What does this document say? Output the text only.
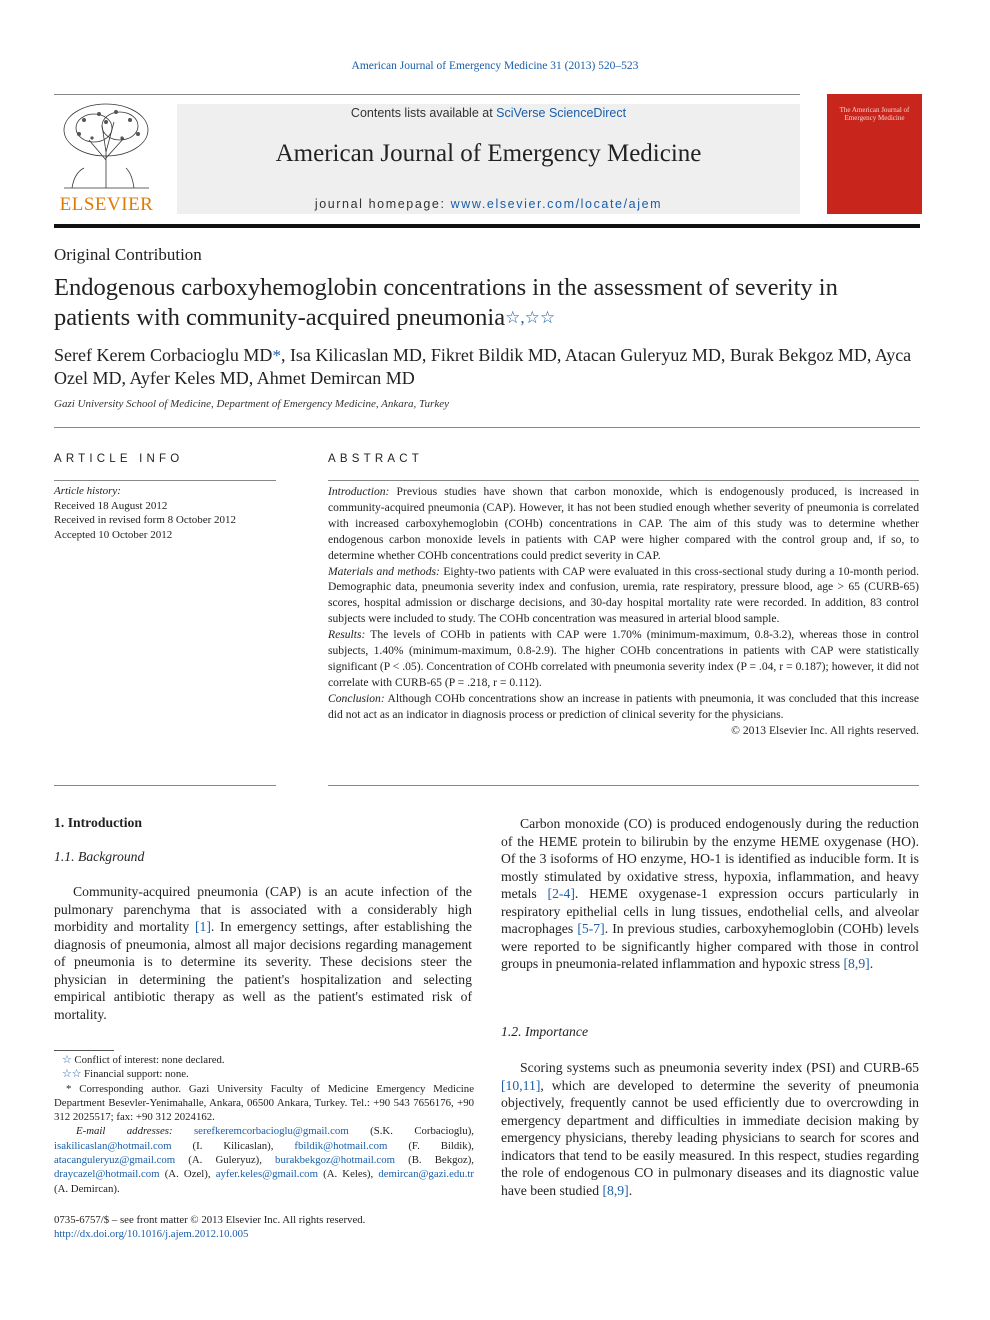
American Journal of Emergency Medicine 31 (2013) 520–523
ELSEVIER
Contents lists available at SciVerse ScienceDirect
American Journal of Emergency Medicine
journal homepage: www.elsevier.com/locate/ajem
The American Journal of Emergency Medicine
Original Contribution
Endogenous carboxyhemoglobin concentrations in the assessment of severity in patients with community-acquired pneumonia☆,☆☆
Seref Kerem Corbacioglu MD*, Isa Kilicaslan MD, Fikret Bildik MD, Atacan Guleryuz MD, Burak Bekgoz MD, Ayca Ozel MD, Ayfer Keles MD, Ahmet Demircan MD
Gazi University School of Medicine, Department of Emergency Medicine, Ankara, Turkey
ARTICLE INFO
Article history:
Received 18 August 2012
Received in revised form 8 October 2012
Accepted 10 October 2012
ABSTRACT

Introduction: Previous studies have shown that carbon monoxide, which is endogenously produced, is increased in community-acquired pneumonia (CAP). However, it has not been studied enough whether severity of pneumonia is correlated with increased carboxyhemoglobin (COHb) concentrations in CAP. The aim of this study was to determine whether endogenous carbon monoxide levels in patients with CAP were higher compared with the control group and, if so, to determine whether COHb concentrations could predict severity in CAP.

Materials and methods: Eighty-two patients with CAP were evaluated in this cross-sectional study during a 10-month period. Demographic data, pneumonia severity index and confusion, uremia, rate respiratory, pressure blood, age > 65 (CURB-65) scores, hospital admission or discharge decisions, and 30-day hospital mortality rate were recorded. In addition, 83 control subjects were included to study. The COHb concentration was measured in arterial blood sample.

Results: The levels of COHb in patients with CAP were 1.70% (minimum-maximum, 0.8-3.2), whereas those in control subjects, 1.40% (minimum-maximum, 0.8-2.9). The higher COHb concentrations in patients with CAP were statistically significant (P < .05). Concentration of COHb correlated with pneumonia severity index (P = .04, r = 0.187); however, it did not correlate with CURB-65 (P = .218, r = 0.112).

Conclusion: Although COHb concentrations show an increase in patients with pneumonia, it was concluded that this increase did not act as an indicator in diagnosis process or prediction of clinical severity for the physicians.

© 2013 Elsevier Inc. All rights reserved.

1. Introduction
1.1. Background

Community-acquired pneumonia (CAP) is an acute infection of the pulmonary parenchyma that is associated with a considerably high morbidity and mortality [1]. In emergency settings, after establishing the diagnosis of pneumonia, almost all major decisions regarding management of pneumonia is to determine its severity. These decisions steer the physician in determining the patient's hospitalization and selecting empirical antibiotic therapy as well as the patient's estimated risk of mortality.

☆ Conflict of interest: none declared.

☆☆ Financial support: none.

* Corresponding author. Gazi University Faculty of Medicine Emergency Medicine Department Besevler-Yenimahalle, Ankara, 06500 Ankara, Turkey. Tel.: +90 543 7656176, +90 312 2025517; fax: +90 312 2024162.

E-mail addresses: serefkeremcorbacioglu@gmail.com (S.K. Corbacioglu), isakilicaslan@hotmail.com (I. Kilicaslan), fbildik@hotmail.com (F. Bildik), atacanguleryuz@gmail.com (A. Guleryuz), burakbekgoz@hotmail.com (B. Bekgoz), draycazel@hotmail.com (A. Ozel), ayfer.keles@gmail.com (A. Keles), demircan@gazi.edu.tr (A. Demircan).

0735-6757/$ – see front matter © 2013 Elsevier Inc. All rights reserved.
http://dx.doi.org/10.1016/j.ajem.2012.10.005

Carbon monoxide (CO) is produced endogenously during the reduction of the HEME protein to bilirubin by the enzyme HEME oxygenase (HO). Of the 3 isoforms of HO enzyme, HO-1 is identified as inducible form. It is mostly stimulated by oxidative stress, hypoxia, inflammation, and heavy metals [2-4]. HEME oxygenase-1 expression occurs particularly in respiratory epithelial cells in lung tissues, endothelial cells, and alveolar macrophages [5-7]. In previous studies, carboxyhemoglobin (COHb) levels were reported to be significantly higher compared with those in control groups in pneumonia-related inflammation and hypoxic stress [8,9].

1.2. Importance

Scoring systems such as pneumonia severity index (PSI) and CURB-65 [10,11], which are developed to determine the severity of pneumonia objectively, frequently cannot be used efficiently due to overcrowding in emergency department and difficulties in immediate decision making by emergency physicians, thereby leading physicians to search for scores and indicators that tend to be easily measured. In this respect, studies regarding the role of endogenous CO in pulmonary diseases and its diagnostic value have been studied [8,9].
